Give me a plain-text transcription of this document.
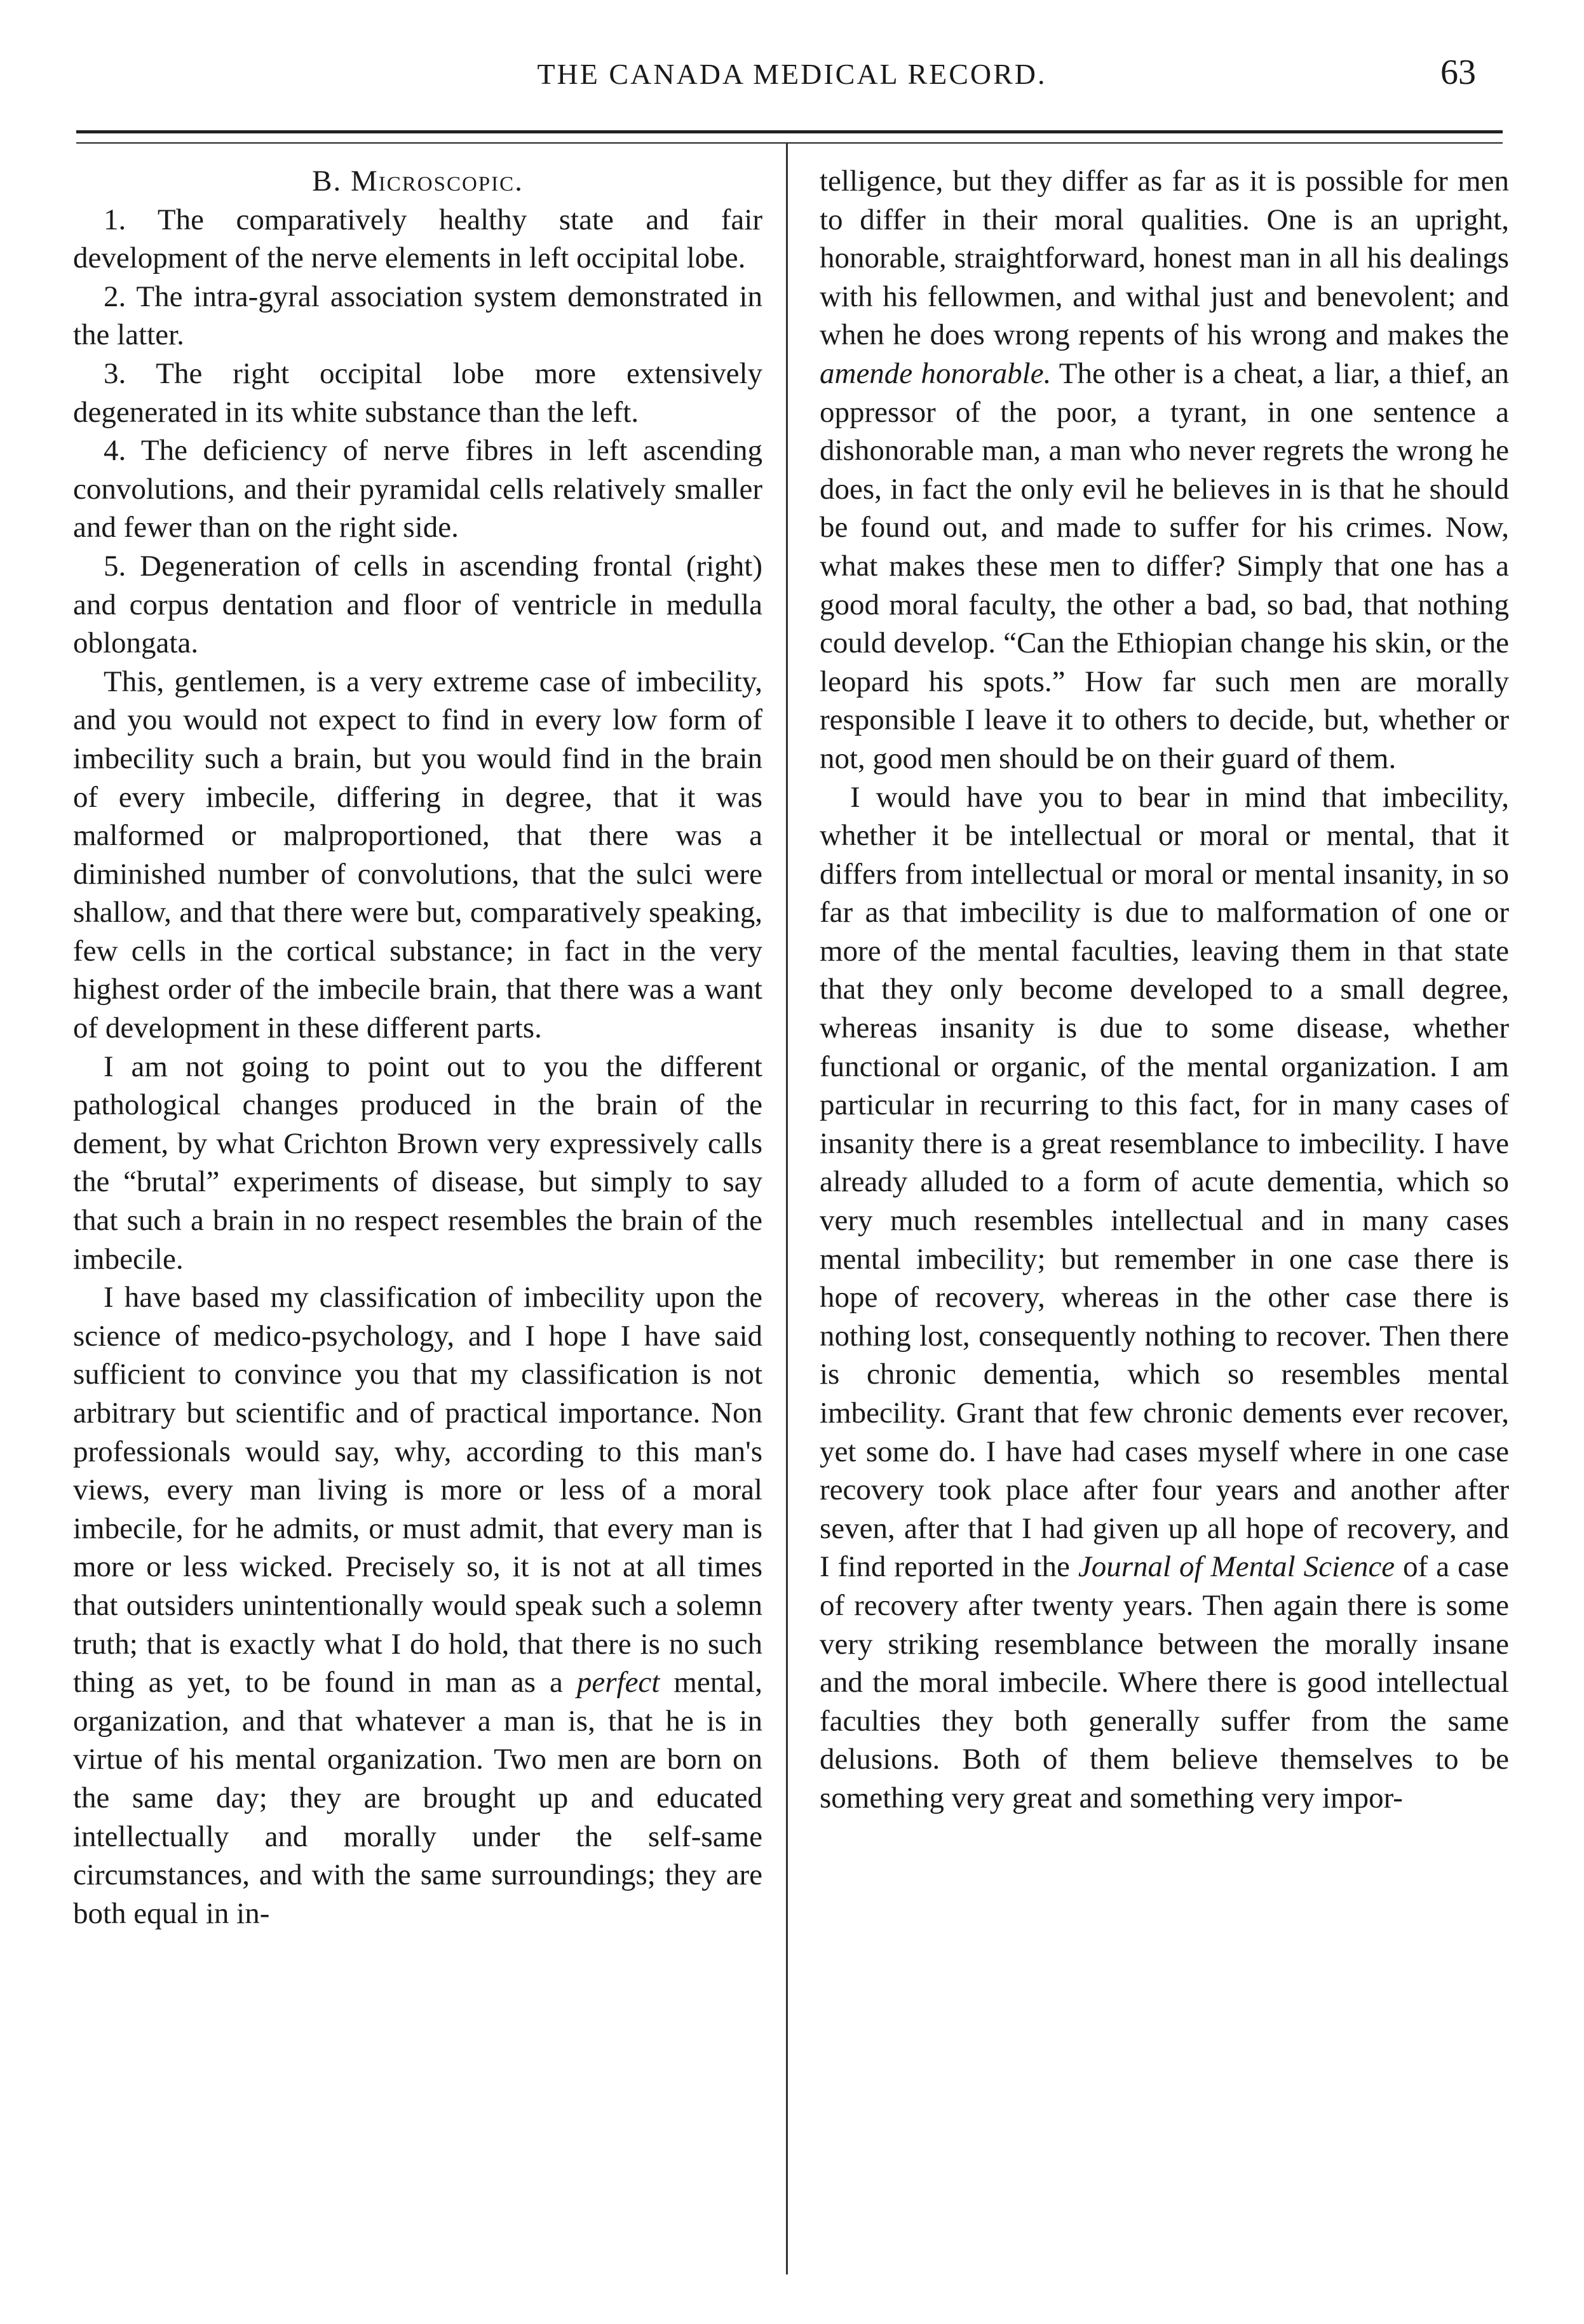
THE CANADA MEDICAL RECORD.	63

B. Microscopic.

1. The comparatively healthy state and fair development of the nerve elements in left occipital lobe.

2. The intra-gyral association system demonstrated in the latter.

3. The right occipital lobe more extensively degenerated in its white substance than the left.

4. The deficiency of nerve fibres in left ascending convolutions, and their pyramidal cells relatively smaller and fewer than on the right side.

5. Degeneration of cells in ascending frontal (right) and corpus dentation and floor of ventricle in medulla oblongata.

This, gentlemen, is a very extreme case of imbecility, and you would not expect to find in every low form of imbecility such a brain, but you would find in the brain of every imbecile, differing in degree, that it was malformed or malproportioned, that there was a diminished number of convolutions, that the sulci were shallow, and that there were but, comparatively speaking, few cells in the cortical substance; in fact in the very highest order of the imbecile brain, that there was a want of development in these different parts.

I am not going to point out to you the different pathological changes produced in the brain of the dement, by what Crichton Brown very expressively calls the “brutal” experiments of disease, but simply to say that such a brain in no respect resembles the brain of the imbecile.

I have based my classification of imbecility upon the science of medico-psychology, and I hope I have said sufficient to convince you that my classification is not arbitrary but scientific and of practical importance. Non professionals would say, why, according to this man's views, every man living is more or less of a moral imbecile, for he admits, or must admit, that every man is more or less wicked. Precisely so, it is not at all times that outsiders unintentionally would speak such a solemn truth; that is exactly what I do hold, that there is no such thing as yet, to be found in man as a perfect mental, organization, and that whatever a man is, that he is in virtue of his mental organization. Two men are born on the same day; they are brought up and educated intellectually and morally under the self-same circumstances, and with the same surroundings; they are both equal in in-

telligence, but they differ as far as it is possible for men to differ in their moral qualities. One is an upright, honorable, straightforward, honest man in all his dealings with his fellowmen, and withal just and benevolent; and when he does wrong repents of his wrong and makes the amende honorable. The other is a cheat, a liar, a thief, an oppressor of the poor, a tyrant, in one sentence a dishonorable man, a man who never regrets the wrong he does, in fact the only evil he believes in is that he should be found out, and made to suffer for his crimes. Now, what makes these men to differ? Simply that one has a good moral faculty, the other a bad, so bad, that nothing could develop. “Can the Ethiopian change his skin, or the leopard his spots.” How far such men are morally responsible I leave it to others to decide, but, whether or not, good men should be on their guard of them.

I would have you to bear in mind that imbecility, whether it be intellectual or moral or mental, that it differs from intellectual or moral or mental insanity, in so far as that imbecility is due to malformation of one or more of the mental faculties, leaving them in that state that they only become developed to a small degree, whereas insanity is due to some disease, whether functional or organic, of the mental organization. I am particular in recurring to this fact, for in many cases of insanity there is a great resemblance to imbecility. I have already alluded to a form of acute dementia, which so very much resembles intellectual and in many cases mental imbecility; but remember in one case there is hope of recovery, whereas in the other case there is nothing lost, consequently nothing to recover. Then there is chronic dementia, which so resembles mental imbecility. Grant that few chronic dements ever recover, yet some do. I have had cases myself where in one case recovery took place after four years and another after seven, after that I had given up all hope of recovery, and I find reported in the Journal of Mental Science of a case of recovery after twenty years. Then again there is some very striking resemblance between the morally insane and the moral imbecile. Where there is good intellectual faculties they both generally suffer from the same delusions. Both of them believe themselves to be something very great and something very impor-
